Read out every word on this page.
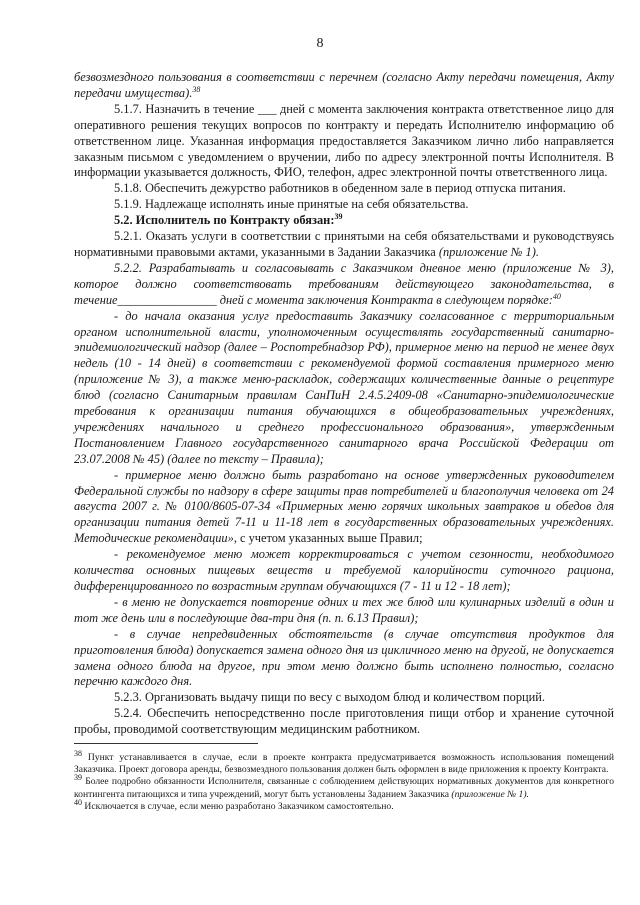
8

безвозмездного пользования в соответствии с перечнем (согласно Акту передачи помещения, Акту передачи имущества).$^{38}$

5.1.7. Назначить в течение ___ дней с момента заключения контракта ответственное лицо для оперативного решения текущих вопросов по контракту и передать Исполнителю информацию об ответственном лице. Указанная информация предоставляется Заказчиком лично либо направляется заказным письмом с уведомлением о вручении, либо по адресу электронной почты Исполнителя. В информации указывается должность, ФИО, телефон, адрес электронной почты ответственного лица.

5.1.8. Обеспечить дежурство работников в обеденном зале в период отпуска питания.

5.1.9. Надлежаще исполнять иные принятые на себя обязательства.

5.2. Исполнитель по Контракту обязан:$^{39}$

5.2.1. Оказать услуги в соответствии с принятыми на себя обязательствами и руководствуясь нормативными правовыми актами, указанными в Задании Заказчика (приложение № 1).

5.2.2. Разрабатывать и согласовывать с Заказчиком дневное меню (приложение № 3), которое должно соответствовать требованиям действующего законодательства, в течение________________ дней с момента заключения Контракта в следующем порядке:$^{40}$

- до начала оказания услуг предоставить Заказчику согласованное с территориальным органом исполнительной власти, уполномоченным осуществлять государственный санитарно-эпидемиологический надзор (далее – Роспотребнадзор РФ), примерное меню на период не менее двух недель (10 - 14 дней) в соответствии с рекомендуемой формой составления примерного меню (приложение № 3), а также меню-раскладок, содержащих количественные данные о рецептуре блюд (согласно Санитарным правилам СанПиН 2.4.5.2409-08 «Санитарно-эпидемиологические требования к организации питания обучающихся в общеобразовательных учреждениях, учреждениях начального и среднего профессионального образования», утвержденным Постановлением Главного государственного санитарного врача Российской Федерации от 23.07.2008 № 45) (далее по тексту – Правила);

- примерное меню должно быть разработано на основе утвержденных руководителем Федеральной службы по надзору в сфере защиты прав потребителей и благополучия человека от 24 августа 2007 г. № 0100/8605-07-34 «Примерных меню горячих школьных завтраков и обедов для организации питания детей 7-11 и 11-18 лет в государственных образовательных учреждениях. Методические рекомендации», с учетом указанных выше Правил;

- рекомендуемое меню может корректироваться с учетом сезонности, необходимого количества основных пищевых веществ и требуемой калорийности суточного рациона, дифференцированного по возрастным группам обучающихся (7 - 11 и 12 - 18 лет);

- в меню не допускается повторение одних и тех же блюд или кулинарных изделий в один и тот же день или в последующие два-три дня (п. п. 6.13 Правил);

- в случае непредвиденных обстоятельств (в случае отсутствия продуктов для приготовления блюда) допускается замена одного дня из цикличного меню на другой, не допускается замена одного блюда на другое, при этом меню должно быть исполнено полностью, согласно перечню каждого дня.

5.2.3. Организовать выдачу пищи по весу с выходом блюд и количеством порций.

5.2.4. Обеспечить непосредственно после приготовления пищи отбор и хранение суточной пробы, проводимой соответствующим медицинским работником.

$^{38}$ Пункт устанавливается в случае, если в проекте контракта предусматривается возможность использования помещений Заказчика. Проект договора аренды, безвозмездного пользования должен быть оформлен в виде приложения к проекту Контракта.

$^{39}$ Более подробно обязанности Исполнителя, связанные с соблюдением действующих нормативных документов для конкретного контингента питающихся и типа учреждений, могут быть установлены Заданием Заказчика (приложение № 1).

$^{40}$ Исключается в случае, если меню разработано Заказчиком самостоятельно.
